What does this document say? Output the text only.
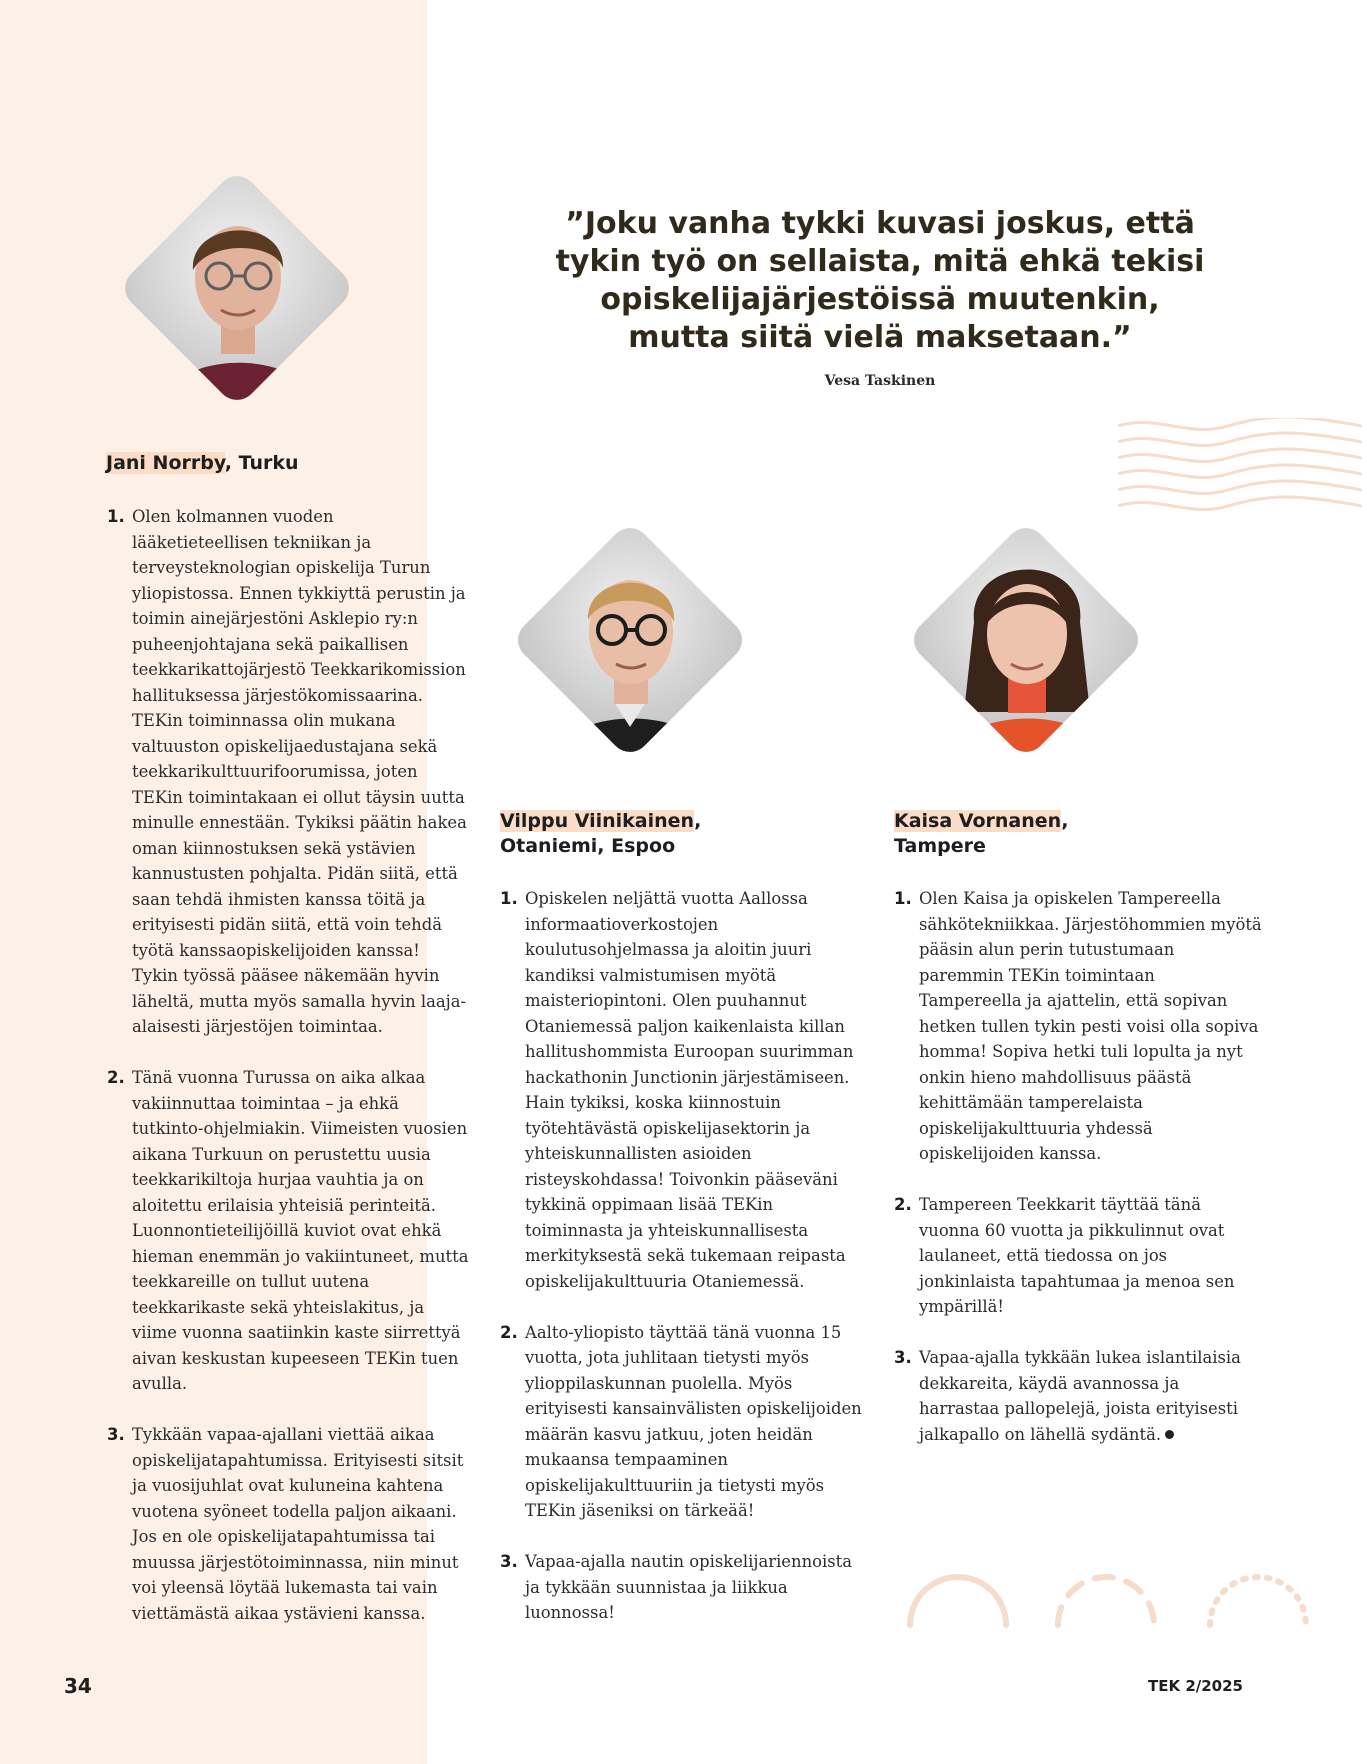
”Joku vanha tykki kuvasi joskus, että
tykin työ on sellaista, mitä ehkä tekisi
opiskelijajärjestöissä muutenkin,
mutta siitä vielä maksetaan.”

Vesa Taskinen
Jani Norrby, Turku
Vilppu Viinikainen,
Otaniemi, Espoo
Kaisa Vornanen,
Tampere
1. Olen kolmannen vuoden lääketieteellisen tekniikan ja terveysteknologian opiskelija Turun yliopistossa. Ennen tykkiyttä perustin ja toimin ainejärjestöni Asklepio ry:n puheenjohtajana sekä paikallisen teekkarikattojärjestö Teekkarikomission hallituksessa järjestökomissaarina. TEKin toiminnassa olin mukana valtuuston opiskelijaedustajana sekä teekkarikulttuurifoorumissa, joten TEKin toimintakaan ei ollut täysin uutta minulle ennestään. Tykiksi päätin hakea oman kiinnostuksen sekä ystävien kannustusten pohjalta. Pidän siitä, että saan tehdä ihmisten kanssa töitä ja erityisesti pidän siitä, että voin tehdä työtä kanssaopiskelijoiden kanssa! Tykin työssä pääsee näkemään hyvin läheltä, mutta myös samalla hyvin laaja-alaisesti järjestöjen toimintaa.
2. Tänä vuonna Turussa on aika alkaa vakiinnuttaa toimintaa – ja ehkä tutkinto-ohjelmiakin. Viimeisten vuosien aikana Turkuun on perustettu uusia teekkarikiltoja hurjaa vauhtia ja on aloitettu erilaisia yhteisiä perinteitä. Luonnontieteilijöillä kuviot ovat ehkä hieman enemmän jo vakiintuneet, mutta teekkareille on tullut uutena teekkarikaste sekä yhteislakitus, ja viime vuonna saatiinkin kaste siirrettyä aivan keskustan kupeeseen TEKin tuen avulla.
3. Tykkään vapaa-ajallani viettää aikaa opiskelijatapahtumissa. Erityisesti sitsit ja vuosijuhlat ovat kuluneina kahtena vuotena syöneet todella paljon aikaani. Jos en ole opiskelijatapahtumissa tai muussa järjestötoiminnassa, niin minut voi yleensä löytää lukemasta tai vain viettämästä aikaa ystävieni kanssa.
1. Opiskelen neljättä vuotta Aallossa informaatioverkostojen koulutusohjelmassa ja aloitin juuri kandiksi valmistumisen myötä maisteriopintoni. Olen puuhannut Otaniemessä paljon kaikenlaista killan hallitushommista Euroopan suurimman hackathonin Junctionin järjestämiseen. Hain tykiksi, koska kiinnostuin työtehtävästä opiskelijasektorin ja yhteiskunnallisten asioiden risteyskohdassa! Toivonkin pääseväni tykkinä oppimaan lisää TEKin toiminnasta ja yhteiskunnallisesta merkityksestä sekä tukemaan reipasta opiskelijakulttuuria Otaniemessä.
2. Aalto-yliopisto täyttää tänä vuonna 15 vuotta, jota juhlitaan tietysti myös ylioppilaskunnan puolella. Myös erityisesti kansainvälisten opiskelijoiden määrän kasvu jatkuu, joten heidän mukaansa tempaaminen opiskelijakulttuuriin ja tietysti myös TEKin jäseniksi on tärkeää!
3. Vapaa-ajalla nautin opiskelijariennoista ja tykkään suunnistaa ja liikkua luonnossa!
1. Olen Kaisa ja opiskelen Tampereella sähkötekniikkaa. Järjestöhommien myötä pääsin alun perin tutustumaan paremmin TEKin toimintaan Tampereella ja ajattelin, että sopivan hetken tullen tykin pesti voisi olla sopiva homma! Sopiva hetki tuli lopulta ja nyt onkin hieno mahdollisuus päästä kehittämään tamperelaista opiskelijakulttuuria yhdessä opiskelijoiden kanssa.
2. Tampereen Teekkarit täyttää tänä vuonna 60 vuotta ja pikkulinnut ovat laulaneet, että tiedossa on jos jonkinlaista tapahtumaa ja menoa sen ympärillä!
3. Vapaa-ajalla tykkään lukea islantilaisia dekkareita, käydä avannossa ja harrastaa pallopelejä, joista erityisesti jalkapallo on lähellä sydäntä.
34	TEK 2/2025
